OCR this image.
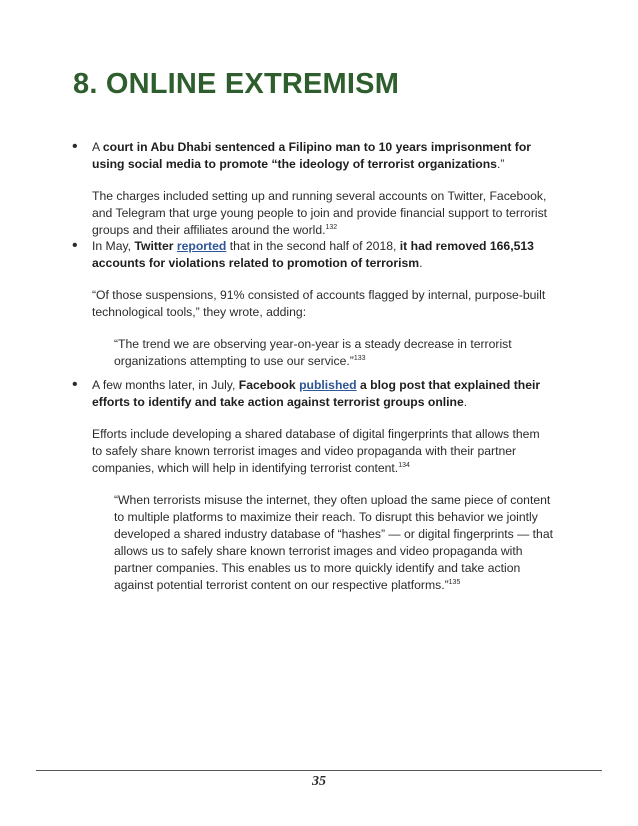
8. ONLINE EXTREMISM
• A court in Abu Dhabi sentenced a Filipino man to 10 years imprisonment for using social media to promote “the ideology of terrorist organizations.”

The charges included setting up and running several accounts on Twitter, Facebook, and Telegram that urge young people to join and provide financial support to terrorist groups and their affiliates around the world.$^{132}$

• In May, Twitter reported that in the second half of 2018, it had removed 166,513 accounts for violations related to promotion of terrorism.

“Of those suspensions, 91% consisted of accounts flagged by internal, purpose-built technological tools,” they wrote, adding:

“The trend we are observing year-on-year is a steady decrease in terrorist organizations attempting to use our service.”$^{133}$

• A few months later, in July, Facebook published a blog post that explained their efforts to identify and take action against terrorist groups online.

Efforts include developing a shared database of digital fingerprints that allows them to safely share known terrorist images and video propaganda with their partner companies, which will help in identifying terrorist content.$^{134}$

“When terrorists misuse the internet, they often upload the same piece of content to multiple platforms to maximize their reach. To disrupt this behavior we jointly developed a shared industry database of “hashes” — or digital fingerprints — that allows us to safely share known terrorist images and video propaganda with partner companies. This enables us to more quickly identify and take action against potential terrorist content on our respective platforms.”$^{135}$

35
